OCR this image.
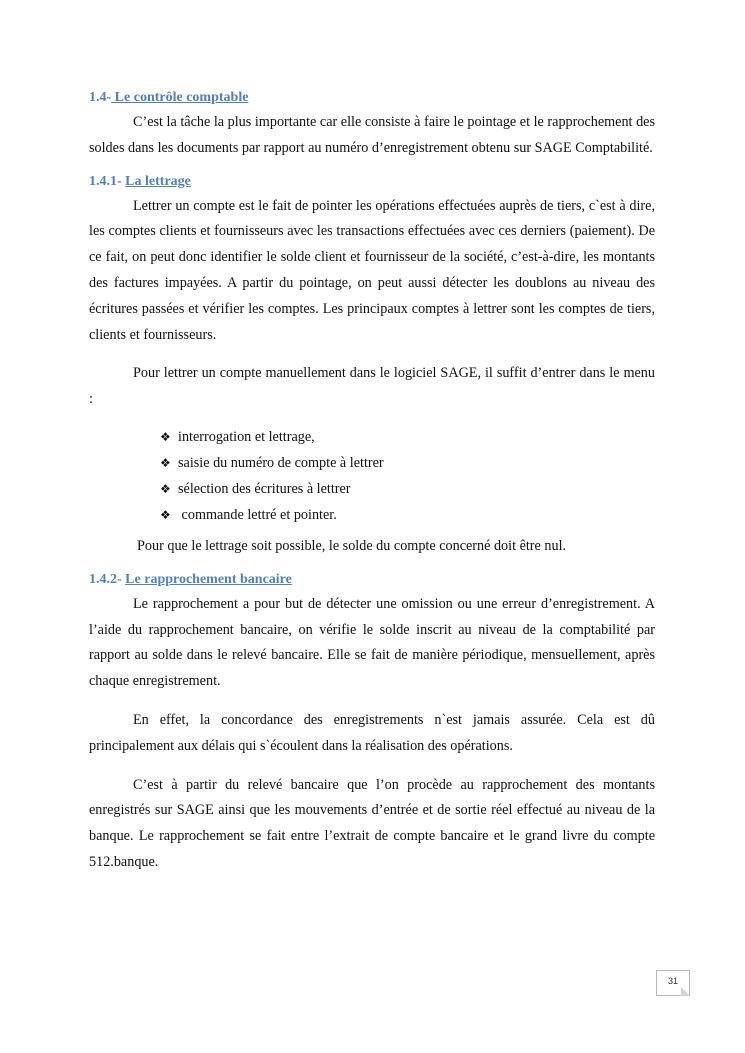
1.4- Le contrôle comptable

C’est la tâche la plus importante car elle consiste à faire le pointage et le rapprochement des soldes dans les documents par rapport au numéro d’enregistrement obtenu sur SAGE Comptabilité.

1.4.1- La lettrage

Lettrer un compte est le fait de pointer les opérations effectuées auprès de tiers, c`est à dire, les comptes clients et fournisseurs avec les transactions effectuées avec ces derniers (paiement). De ce fait, on peut donc identifier le solde client et fournisseur de la société, c’est-à-dire, les montants des factures impayées. A partir du pointage, on peut aussi détecter les doublons au niveau des écritures passées et vérifier les comptes. Les principaux comptes à lettrer sont les comptes de tiers, clients et fournisseurs.

Pour lettrer un compte manuellement dans le logiciel SAGE, il suffit d’entrer dans le menu :

❖ interrogation et lettrage,
❖ saisie du numéro de compte à lettrer
❖ sélection des écritures à lettrer
❖ commande lettré et pointer.

Pour que le lettrage soit possible, le solde du compte concerné doit être nul.

1.4.2- Le rapprochement bancaire

Le rapprochement a pour but de détecter une omission ou une erreur d’enregistrement. A l’aide du rapprochement bancaire, on vérifie le solde inscrit au niveau de la comptabilité par rapport au solde dans le relevé bancaire. Elle se fait de manière périodique, mensuellement, après chaque enregistrement.

En effet, la concordance des enregistrements n`est jamais assurée. Cela est dû principalement aux délais qui s`écoulent dans la réalisation des opérations.

C’est à partir du relevé bancaire que l’on procède au rapprochement des montants enregistrés sur SAGE ainsi que les mouvements d’entrée et de sortie réel effectué au niveau de la banque. Le rapprochement se fait entre l’extrait de compte bancaire et le grand livre du compte 512.banque.

31
